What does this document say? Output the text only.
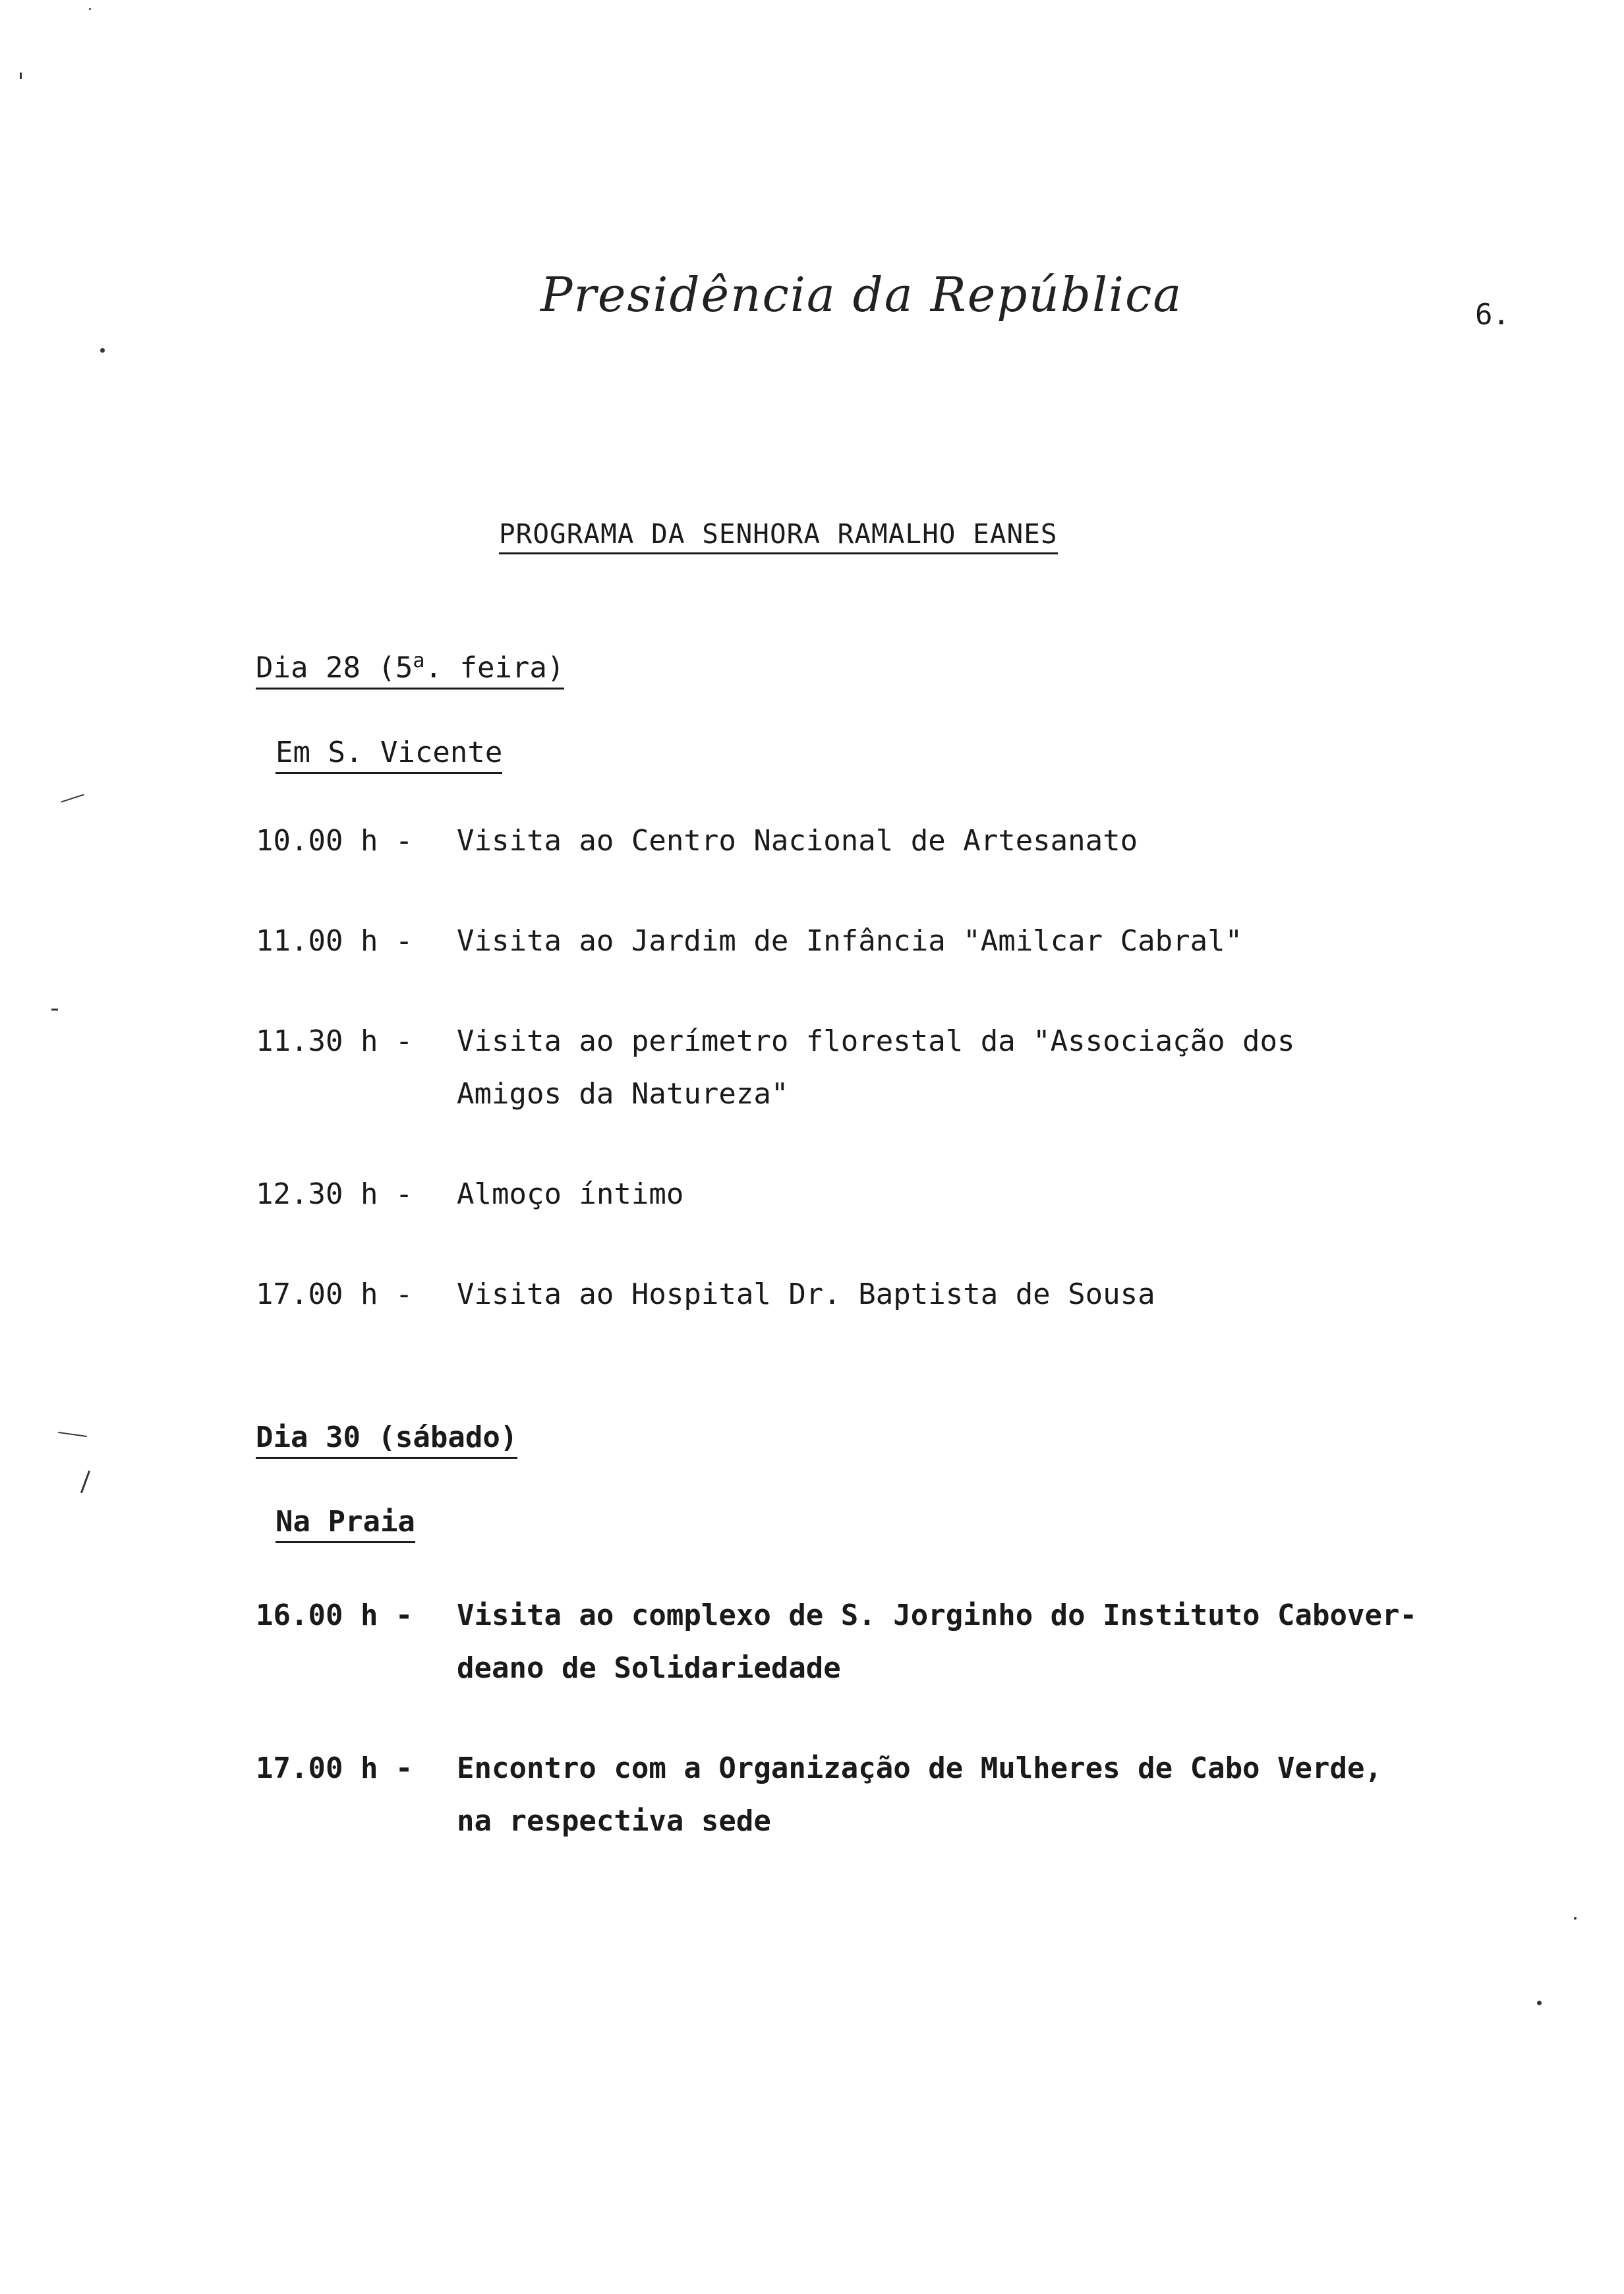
Presidência da República	6.
PROGRAMA DA SENHORA RAMALHO EANES
Dia 28 (5$^a$. feira)
Em S. Vicente
10.00 h - Visita ao Centro Nacional de Artesanato
11.00 h - Visita ao Jardim de Infância "Amilcar Cabral"
11.30 h - Visita ao perímetro florestal da "Associação dos
Amigos da Natureza"
12.30 h - Almoço íntimo
17.00 h - Visita ao Hospital Dr. Baptista de Sousa
Dia 30 (sábado)
Na Praia
16.00 h - Visita ao complexo de S. Jorginho do Instituto Cabover-
deano de Solidariedade
17.00 h - Encontro com a Organização de Mulheres de Cabo Verde,
na respectiva sede
